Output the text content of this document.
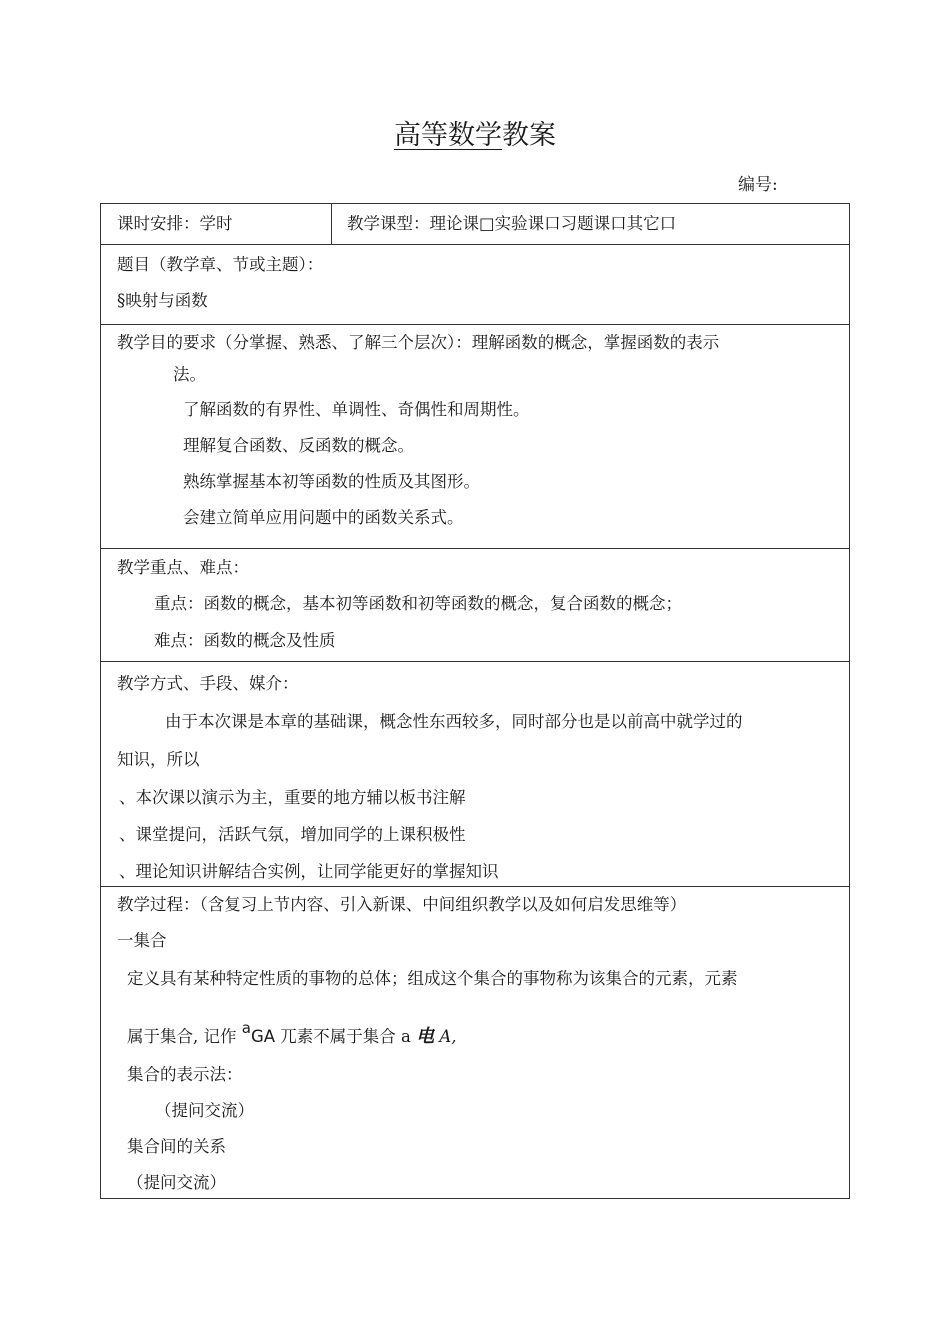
高等数学教案
编号:
课时安排：学时	教学课型：理论课□实验课口习题课口其它口
题目（教学章、节或主题）：
§映射与函数
教学目的要求（分掌握、熟悉、了解三个层次）：理解函数的概念，掌握函数的表示
法。
了解函数的有界性、单调性、奇偶性和周期性。
理解复合函数、反函数的概念。
熟练掌握基本初等函数的性质及其图形。
会建立简单应用问题中的函数关系式。
教学重点、难点：
重点：函数的概念，基本初等函数和初等函数的概念，复合函数的概念；
难点：函数的概念及性质
教学方式、手段、媒介：
由于本次课是本章的基础课，概念性东西较多，同时部分也是以前高中就学过的
知识，所以
、本次课以演示为主，重要的地方辅以板书注解
、课堂提问，活跃气氛，增加同学的上课积极性
、理论知识讲解结合实例，让同学能更好的掌握知识
教学过程：（含复习上节内容、引入新课、中间组织教学以及如何启发思维等）
一集合
定义具有某种特定性质的事物的总体；组成这个集合的事物称为该集合的元素，元素
属于集合, 记作 aGA 兀素不属于集合 a 电 A,
集合的表示法：
（提问交流）
集合间的关系
（提问交流）
